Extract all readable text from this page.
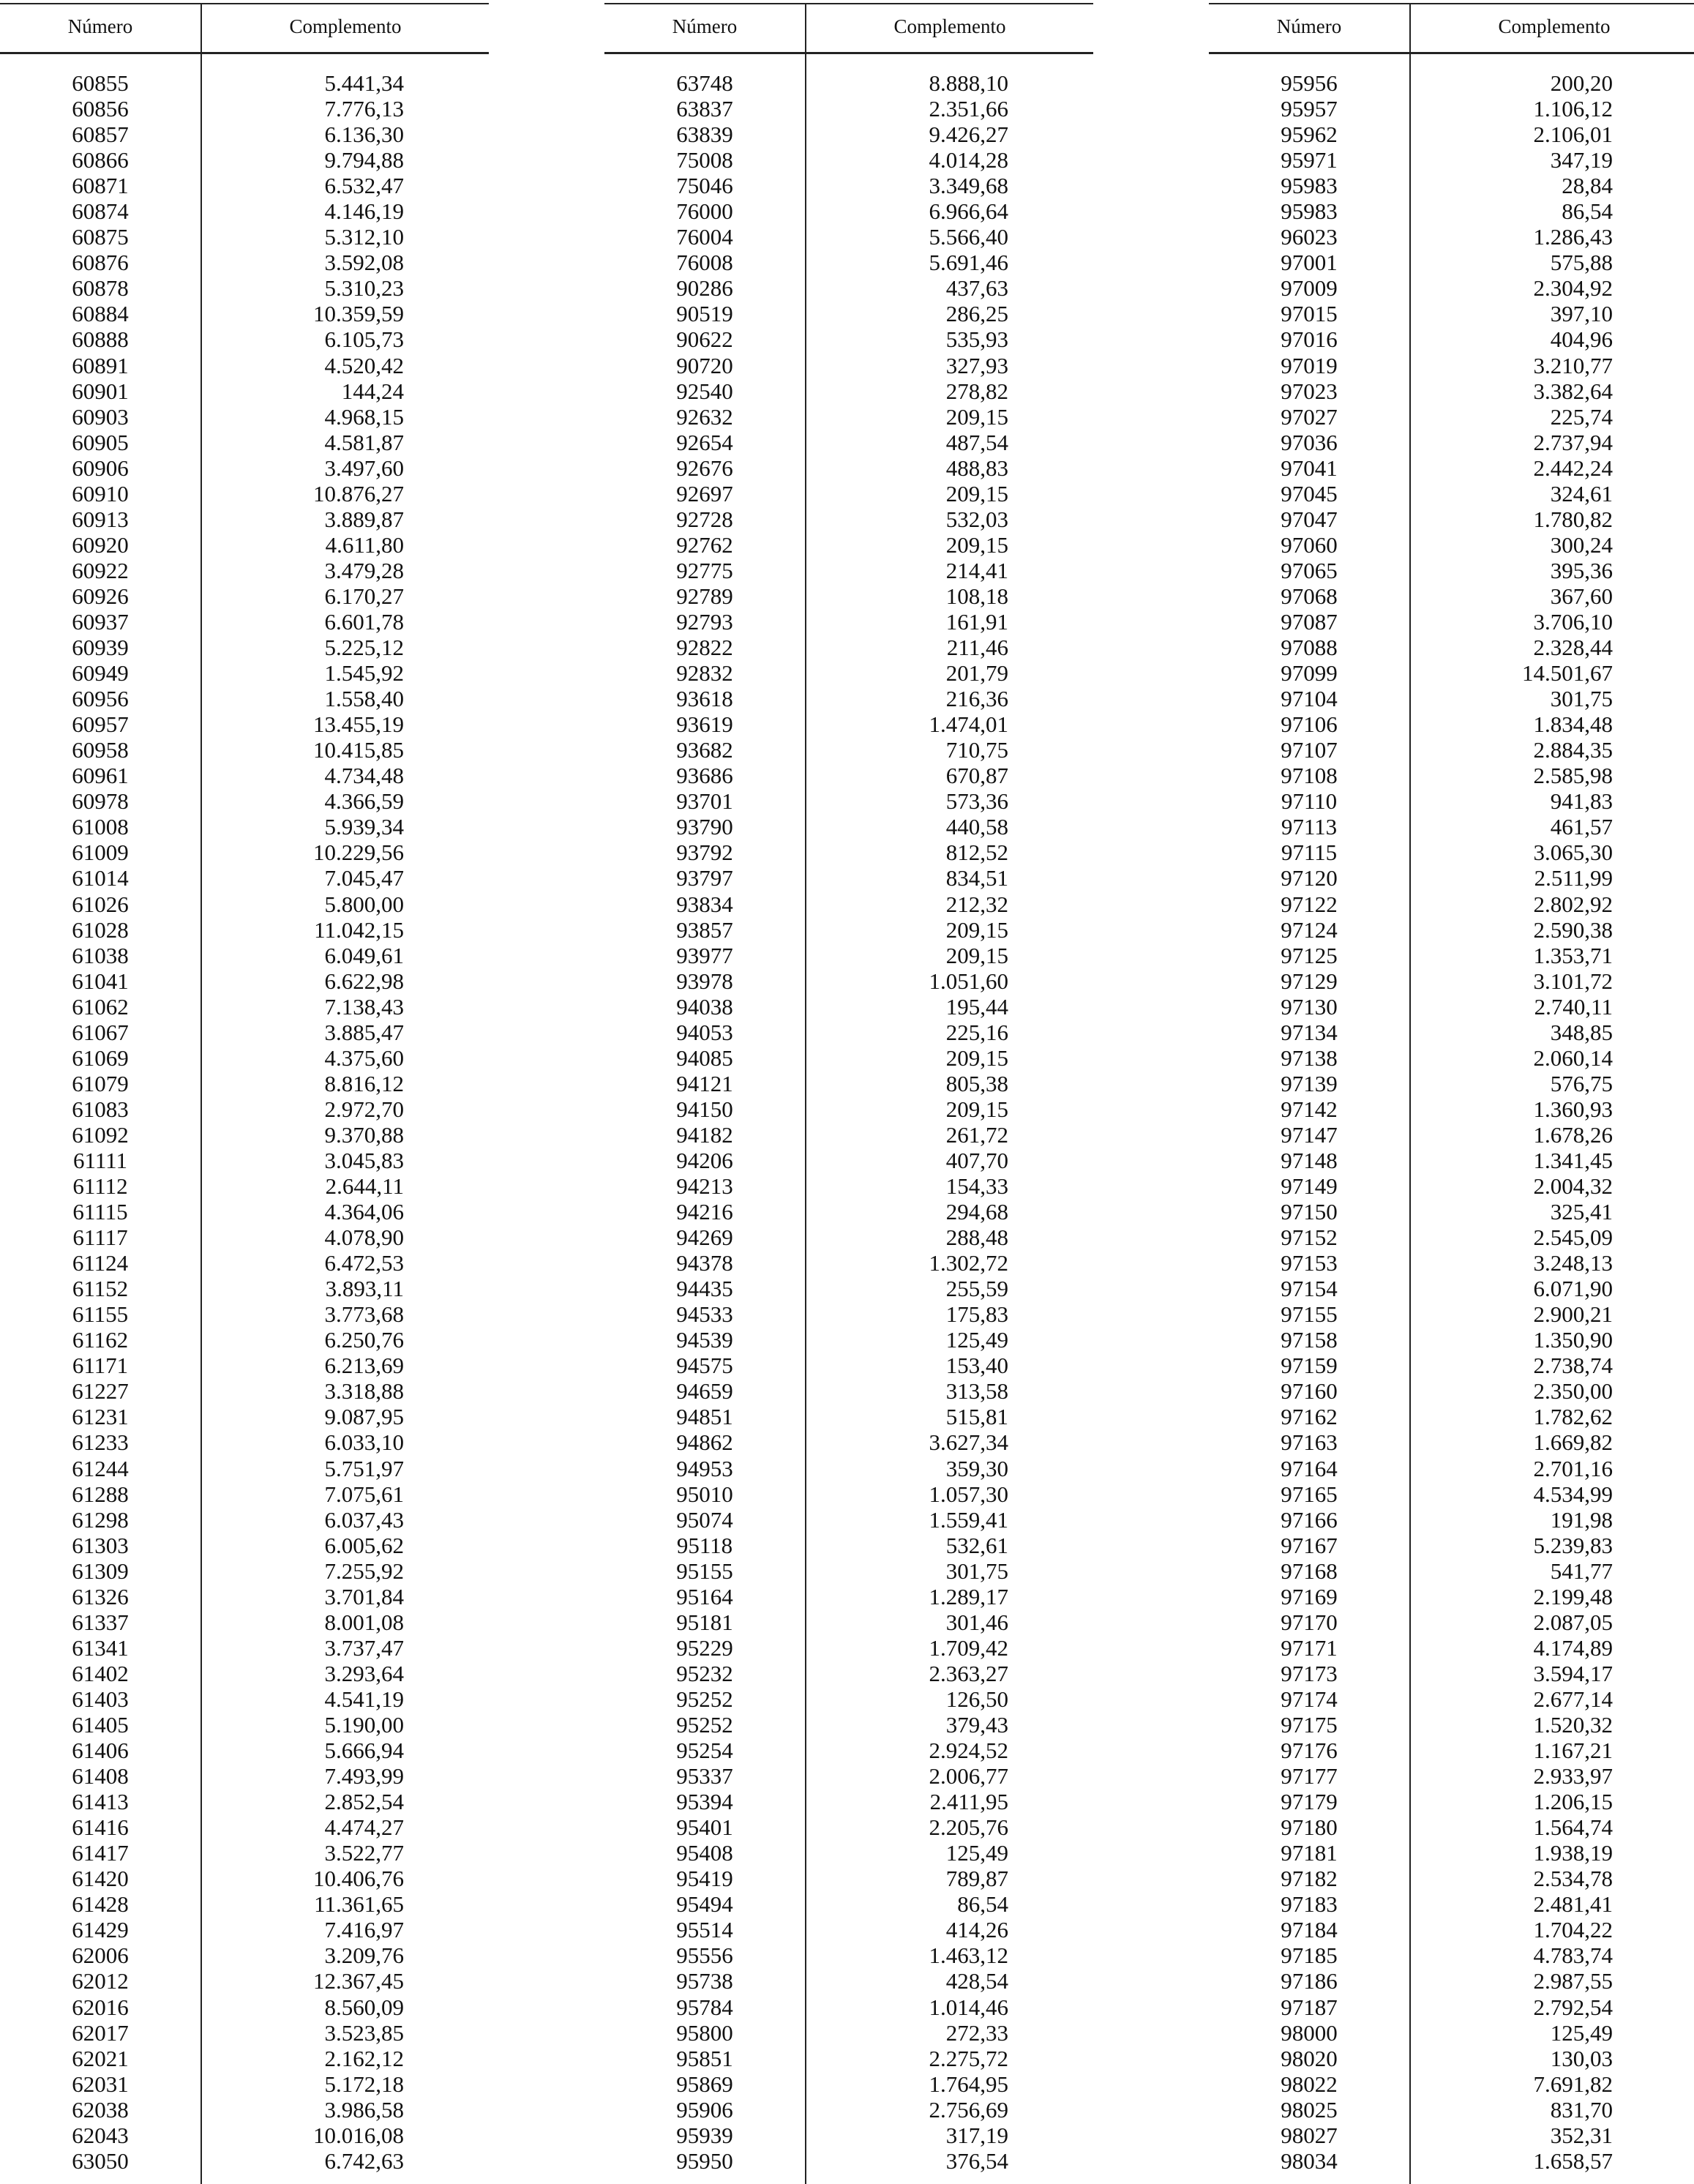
Número	Complemento
60855	5.441,34
60856	7.776,13
60857	6.136,30
60866	9.794,88
60871	6.532,47
60874	4.146,19
60875	5.312,10
60876	3.592,08
60878	5.310,23
60884	10.359,59
60888	6.105,73
60891	4.520,42
60901	144,24
60903	4.968,15
60905	4.581,87
60906	3.497,60
60910	10.876,27
60913	3.889,87
60920	4.611,80
60922	3.479,28
60926	6.170,27
60937	6.601,78
60939	5.225,12
60949	1.545,92
60956	1.558,40
60957	13.455,19
60958	10.415,85
60961	4.734,48
60978	4.366,59
61008	5.939,34
61009	10.229,56
61014	7.045,47
61026	5.800,00
61028	11.042,15
61038	6.049,61
61041	6.622,98
61062	7.138,43
61067	3.885,47
61069	4.375,60
61079	8.816,12
61083	2.972,70
61092	9.370,88
61111	3.045,83
61112	2.644,11
61115	4.364,06
61117	4.078,90
61124	6.472,53
61152	3.893,11
61155	3.773,68
61162	6.250,76
61171	6.213,69
61227	3.318,88
61231	9.087,95
61233	6.033,10
61244	5.751,97
61288	7.075,61
61298	6.037,43
61303	6.005,62
61309	7.255,92
61326	3.701,84
61337	8.001,08
61341	3.737,47
61402	3.293,64
61403	4.541,19
61405	5.190,00
61406	5.666,94
61408	7.493,99
61413	2.852,54
61416	4.474,27
61417	3.522,77
61420	10.406,76
61428	11.361,65
61429	7.416,97
62006	3.209,76
62012	12.367,45
62016	8.560,09
62017	3.523,85
62021	2.162,12
62031	5.172,18
62038	3.986,58
62043	10.016,08
63050	6.742,63
Número	Complemento
63748	8.888,10
63837	2.351,66
63839	9.426,27
75008	4.014,28
75046	3.349,68
76000	6.966,64
76004	5.566,40
76008	5.691,46
90286	437,63
90519	286,25
90622	535,93
90720	327,93
92540	278,82
92632	209,15
92654	487,54
92676	488,83
92697	209,15
92728	532,03
92762	209,15
92775	214,41
92789	108,18
92793	161,91
92822	211,46
92832	201,79
93618	216,36
93619	1.474,01
93682	710,75
93686	670,87
93701	573,36
93790	440,58
93792	812,52
93797	834,51
93834	212,32
93857	209,15
93977	209,15
93978	1.051,60
94038	195,44
94053	225,16
94085	209,15
94121	805,38
94150	209,15
94182	261,72
94206	407,70
94213	154,33
94216	294,68
94269	288,48
94378	1.302,72
94435	255,59
94533	175,83
94539	125,49
94575	153,40
94659	313,58
94851	515,81
94862	3.627,34
94953	359,30
95010	1.057,30
95074	1.559,41
95118	532,61
95155	301,75
95164	1.289,17
95181	301,46
95229	1.709,42
95232	2.363,27
95252	126,50
95252	379,43
95254	2.924,52
95337	2.006,77
95394	2.411,95
95401	2.205,76
95408	125,49
95419	789,87
95494	86,54
95514	414,26
95556	1.463,12
95738	428,54
95784	1.014,46
95800	272,33
95851	2.275,72
95869	1.764,95
95906	2.756,69
95939	317,19
95950	376,54
Número	Complemento
95956	200,20
95957	1.106,12
95962	2.106,01
95971	347,19
95983	28,84
95983	86,54
96023	1.286,43
97001	575,88
97009	2.304,92
97015	397,10
97016	404,96
97019	3.210,77
97023	3.382,64
97027	225,74
97036	2.737,94
97041	2.442,24
97045	324,61
97047	1.780,82
97060	300,24
97065	395,36
97068	367,60
97087	3.706,10
97088	2.328,44
97099	14.501,67
97104	301,75
97106	1.834,48
97107	2.884,35
97108	2.585,98
97110	941,83
97113	461,57
97115	3.065,30
97120	2.511,99
97122	2.802,92
97124	2.590,38
97125	1.353,71
97129	3.101,72
97130	2.740,11
97134	348,85
97138	2.060,14
97139	576,75
97142	1.360,93
97147	1.678,26
97148	1.341,45
97149	2.004,32
97150	325,41
97152	2.545,09
97153	3.248,13
97154	6.071,90
97155	2.900,21
97158	1.350,90
97159	2.738,74
97160	2.350,00
97162	1.782,62
97163	1.669,82
97164	2.701,16
97165	4.534,99
97166	191,98
97167	5.239,83
97168	541,77
97169	2.199,48
97170	2.087,05
97171	4.174,89
97173	3.594,17
97174	2.677,14
97175	1.520,32
97176	1.167,21
97177	2.933,97
97179	1.206,15
97180	1.564,74
97181	1.938,19
97182	2.534,78
97183	2.481,41
97184	1.704,22
97185	4.783,74
97186	2.987,55
97187	2.792,54
98000	125,49
98020	130,03
98022	7.691,82
98025	831,70
98027	352,31
98034	1.658,57
